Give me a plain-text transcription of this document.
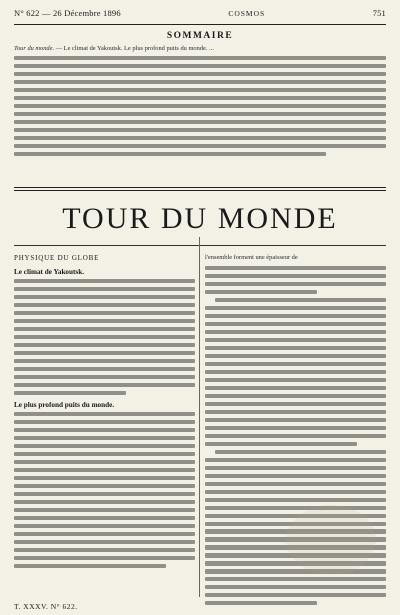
N° 622 — 26 Décembre 1896	COSMOS	751
SOMMAIRE
Tour du monde. — Le climat de Yakoutsk. Le plus profond puits du monde. ...
TOUR DU MONDE
PHYSIQUE DU GLOBE
Le climat de Yakoutsk.
Le plus profond puits du monde.
l'ensemble forment une épaisseur de
T. XXXV. N° 622.
